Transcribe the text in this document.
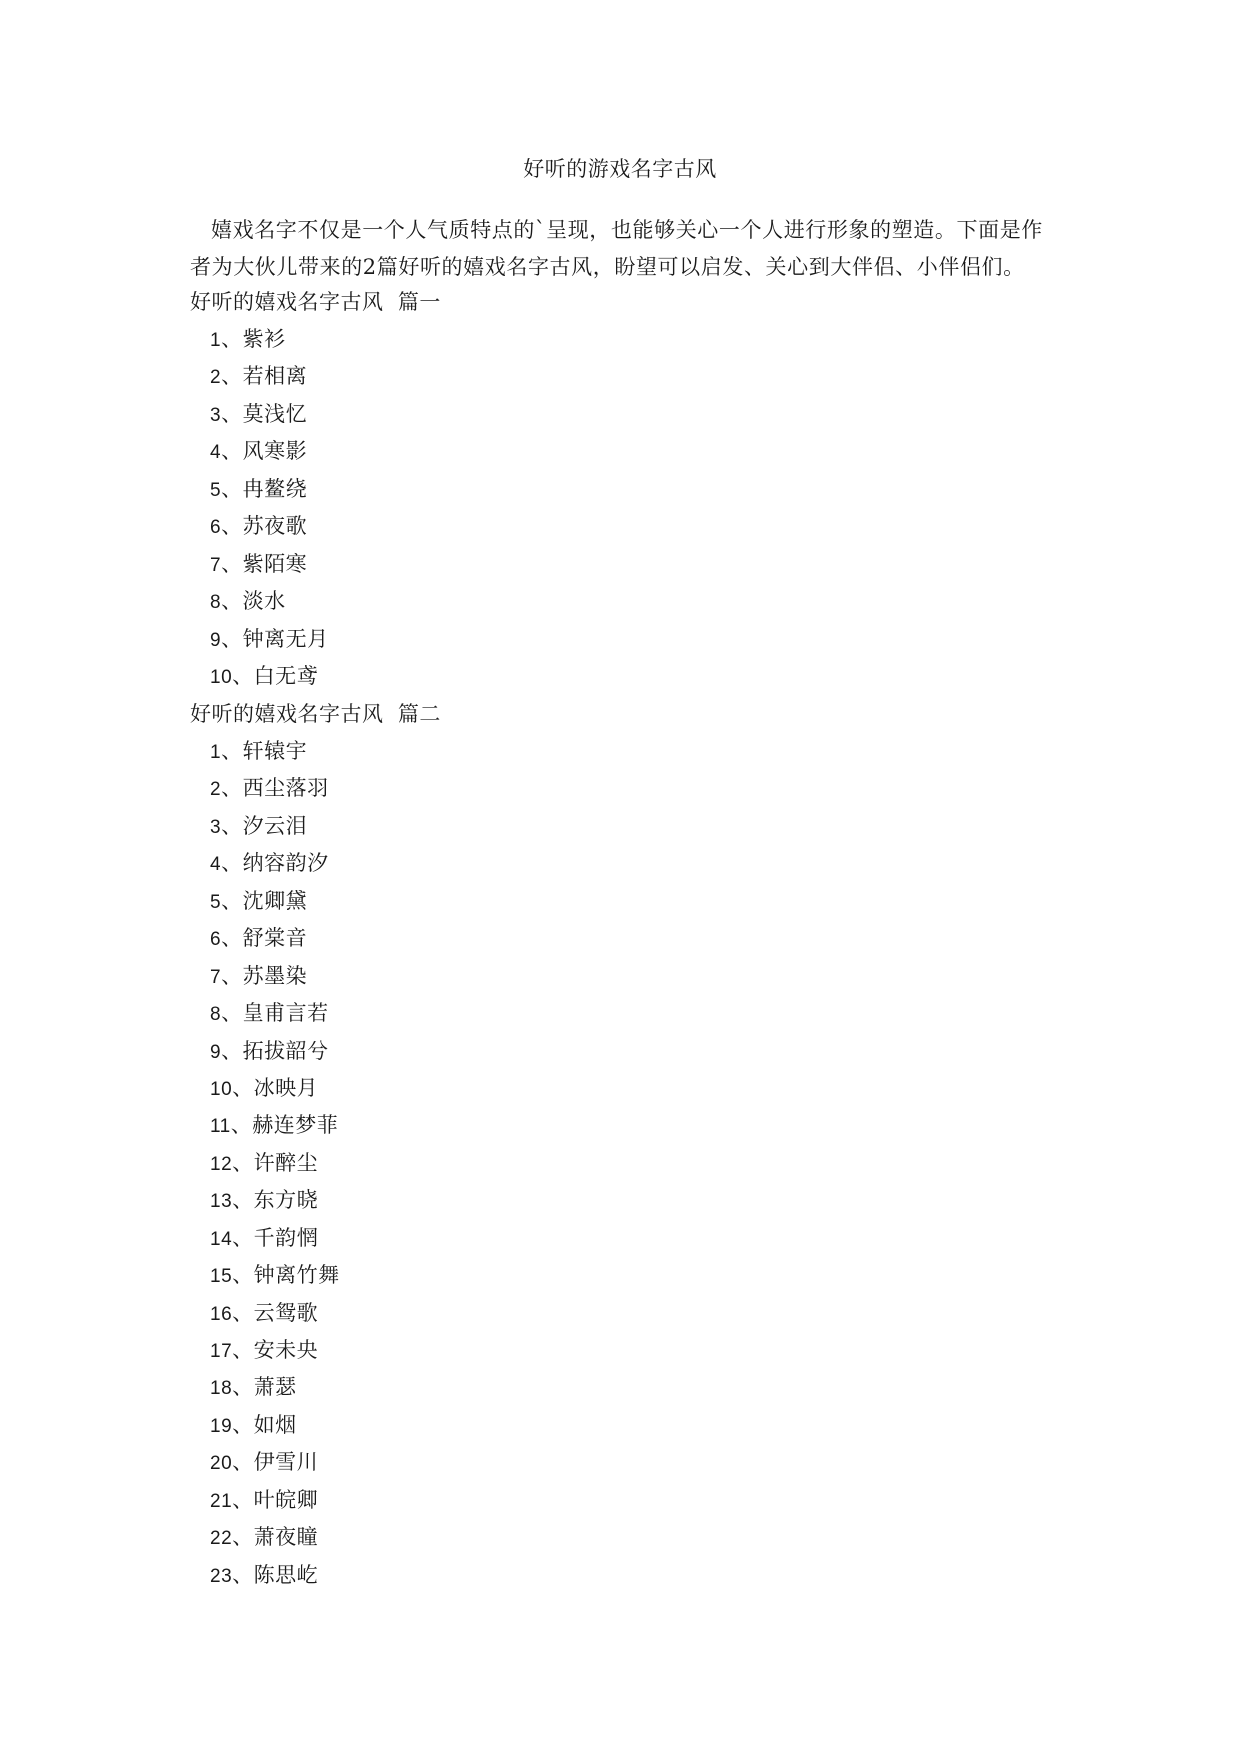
好听的游戏名字古风

嬉戏名字不仅是一个人气质特点的`呈现，也能够关心一个人进行形象的塑造。下面是作者为大伙儿带来的2篇好听的嬉戏名字古风，盼望可以启发、关心到大伴侣、小伴侣们。

好听的嬉戏名字古风  篇一
1、紫衫
2、若相离
3、莫浅忆
4、风寒影
5、冉鳌绕
6、苏夜歌
7、紫陌寒
8、淡水
9、钟离无月
10、白无鸢
好听的嬉戏名字古风  篇二
1、轩辕宇
2、西尘落羽
3、汐云泪
4、纳容韵汐
5、沈卿黛
6、舒棠音
7、苏墨染
8、皇甫言若
9、拓拔韶兮
10、冰映月
11、赫连梦菲
12、许醉尘
13、东方晓
14、千韵惘
15、钟离竹舞
16、云鸳歌
17、安未央
18、萧瑟
19、如烟
20、伊雪川
21、叶皖卿
22、萧夜瞳
23、陈思屹
